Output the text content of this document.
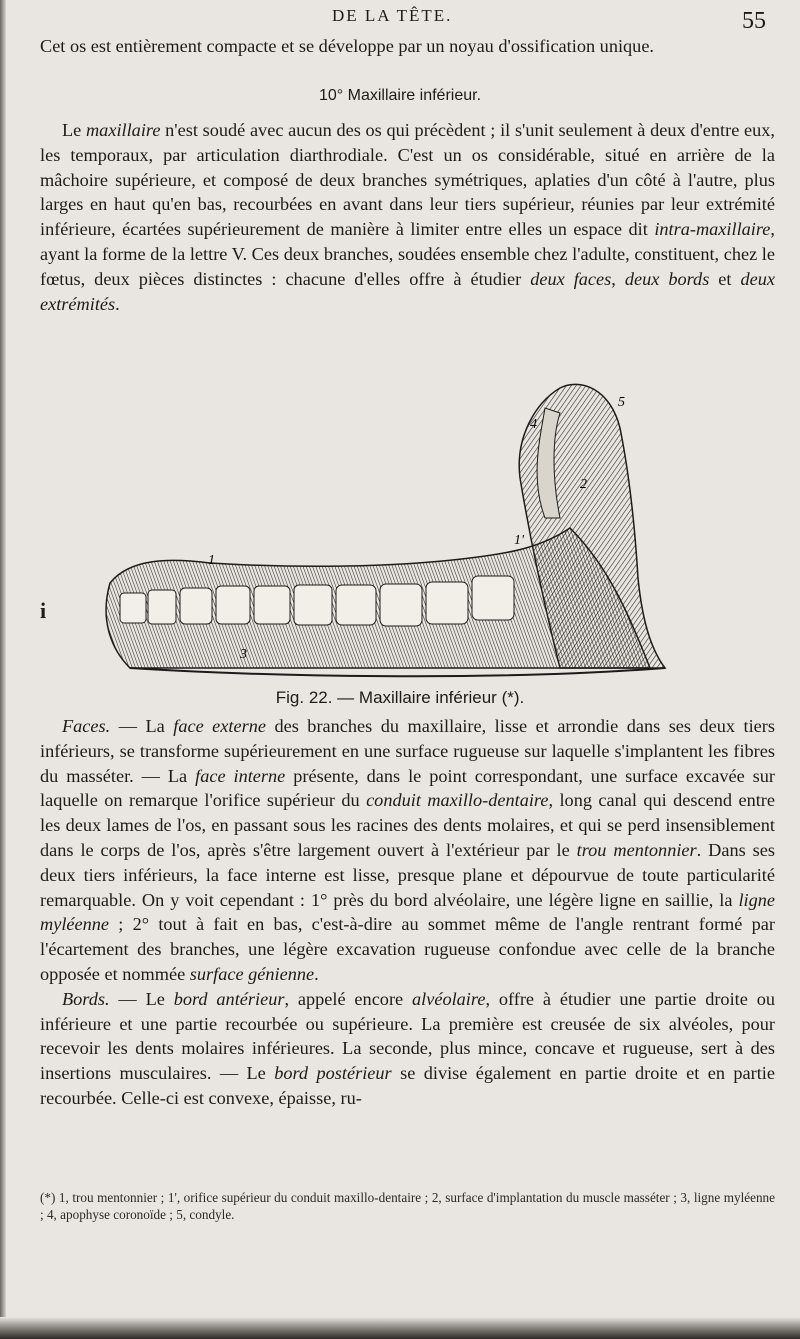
DE LA TÊTE.	55

Cet os est entièrement compacte et se développe par un noyau d'ossification unique.

10° Maxillaire inférieur.

Le maxillaire n'est soudé avec aucun des os qui précèdent ; il s'unit seulement à deux d'entre eux, les temporaux, par articulation diarthrodiale. C'est un os considérable, situé en arrière de la mâchoire supérieure, et composé de deux branches symétriques, aplaties d'un côté à l'autre, plus larges en haut qu'en bas, recourbées en avant dans leur tiers supérieur, réunies par leur extrémité inférieure, écartées supérieurement de manière à limiter entre elles un espace dit intra-maxillaire, ayant la forme de la lettre V. Ces deux branches, soudées ensemble chez l'adulte, constituent, chez le fœtus, deux pièces distinctes : chacune d'elles offre à étudier deux faces, deux bords et deux extrémités.

i
1
1'
2
3
4
5
Fig. 22. — Maxillaire inférieur (*).

Faces. — La face externe des branches du maxillaire, lisse et arrondie dans ses deux tiers inférieurs, se transforme supérieurement en une surface rugueuse sur laquelle s'implantent les fibres du masséter. — La face interne présente, dans le point correspondant, une surface excavée sur laquelle on remarque l'orifice supérieur du conduit maxillo-dentaire, long canal qui descend entre les deux lames de l'os, en passant sous les racines des dents molaires, et qui se perd insensiblement dans le corps de l'os, après s'être largement ouvert à l'extérieur par le trou mentonnier. Dans ses deux tiers inférieurs, la face interne est lisse, presque plane et dépourvue de toute particularité remarquable. On y voit cependant : 1° près du bord alvéolaire, une légère ligne en saillie, la ligne myléenne ; 2° tout à fait en bas, c'est-à-dire au sommet même de l'angle rentrant formé par l'écartement des branches, une légère excavation rugueuse confondue avec celle de la branche opposée et nommée surface génienne.

Bords. — Le bord antérieur, appelé encore alvéolaire, offre à étudier une partie droite ou inférieure et une partie recourbée ou supérieure. La première est creusée de six alvéoles, pour recevoir les dents molaires inférieures. La seconde, plus mince, concave et rugueuse, sert à des insertions musculaires. — Le bord postérieur se divise également en partie droite et en partie recourbée. Celle-ci est convexe, épaisse, ru-

(*) 1, trou mentonnier ; 1', orifice supérieur du conduit maxillo-dentaire ; 2, surface d'implantation du muscle masséter ; 3, ligne myléenne ; 4, apophyse coronoïde ; 5, condyle.
